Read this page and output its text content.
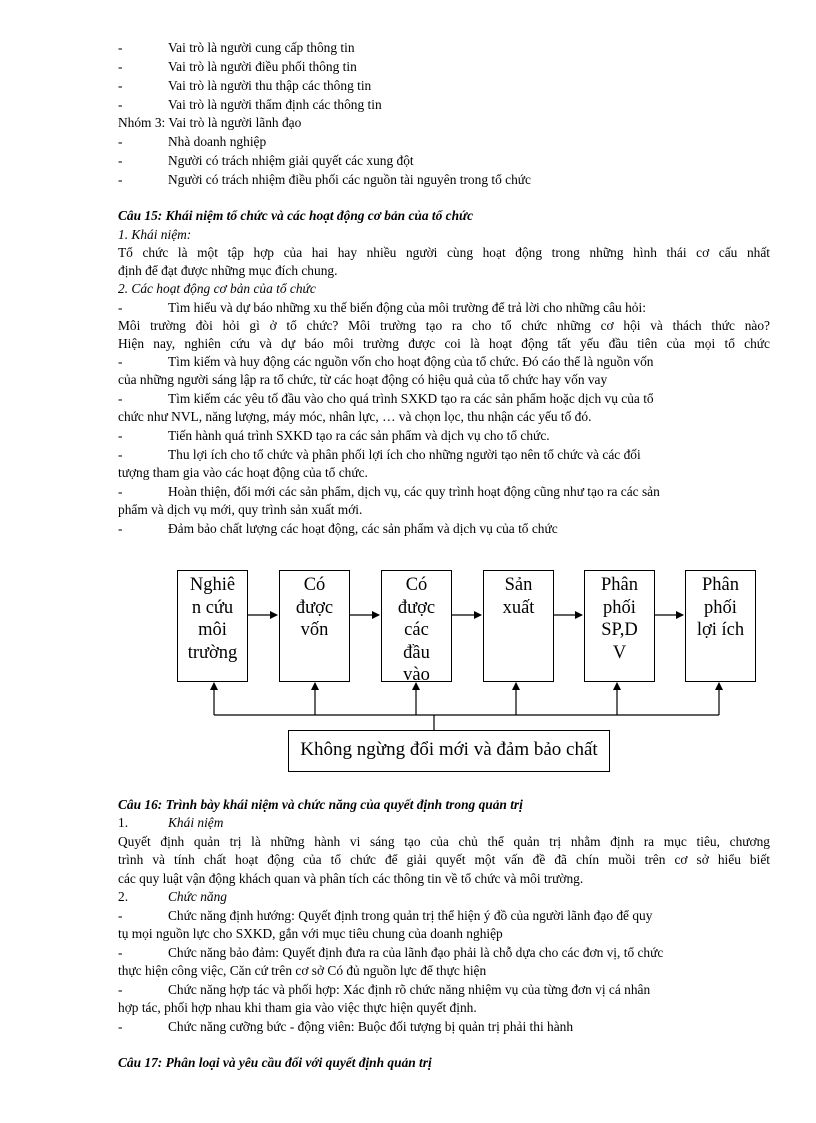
-	Vai trò là người cung cấp thông tin
-	Vai trò là người điều phối thông tin
-	Vai trò là người thu thập các thông tin
-	Vai trò là người thẩm định các thông tin
Nhóm 3: Vai trò là người lãnh đạo
-	Nhà doanh nghiệp
-	Người có trách nhiệm giải quyết các xung đột
-	Người có trách nhiệm điều phối các nguồn tài nguyên trong tổ chức
Câu 15: Khái niệm tổ chức và các hoạt động cơ bản của tổ chức
1. Khái niệm:
Tổ chức là một tập hợp của hai hay nhiều người cùng hoạt động trong những hình thái cơ cấu nhất
định để đạt được những mục đích chung.
2. Các hoạt động cơ bản của tổ chức
-	Tìm hiểu và dự báo những xu thế biến động của môi trường để trả lời cho những câu hỏi:
Môi trường đòi hỏi gì ở tổ chức? Môi trường tạo ra cho tổ chức những cơ hội và thách thức nào?
Hiện nay, nghiên cứu và dự báo môi trường được coi là hoạt động tất yếu đầu tiên của mọi tổ chức
-	Tìm kiếm và huy động các nguồn vốn cho hoạt động của tổ chức. Đó cáo thể là nguồn vốn
của những người sáng lập ra tổ chức, từ các hoạt động có hiệu quả của tổ chức hay vốn vay
-	Tìm kiếm các yêu tố đầu vào cho quá trình SXKD tạo ra các sản phẩm hoặc dịch vụ của tổ
chức như NVL, năng lượng, máy móc, nhân lực, … và chọn lọc, thu nhận các yếu tố đó.
-	Tiến hành quá trình SXKD tạo ra các sản phẩm và dịch vụ cho tổ chức.
-	Thu lợi ích cho tổ chức và phân phối lợi ích cho những người tạo nên tổ chức và các đối
tượng tham gia vào các hoạt động của tổ chức.
-	Hoàn thiện, đổi mới các sản phẩm, dịch vụ, các quy trình hoạt động cũng như tạo ra các sản
phẩm và dịch vụ mới, quy trình sản xuất mới.
-	Đảm bảo chất lượng các hoạt động, các sản phẩm và dịch vụ của tổ chức
Nghiê
n cứu
môi
trường
Có
được
vốn
Có
được
các
đầu
vào
Sản
xuất
Phân
phối
SP,D
V
Phân
phối
lợi ích
Không ngừng đổi mới và đảm bảo chất
Câu 16: Trình bày khái niệm và chức năng của quyết định trong quản trị
1.	Khái niệm
Quyết định quản trị là những hành vi sáng tạo của chủ thể quản trị nhằm định ra mục tiêu, chương
trình và tính chất hoạt động của tổ chức để giải quyết một vấn đề đã chín muồi trên cơ sở hiểu biết
các quy luật vận động khách quan và phân tích các thông tin về tổ chức và môi trường.
2.	Chức năng
-	Chức năng định hướng: Quyết định trong quản trị thể hiện ý đồ của người lãnh đạo để quy
tụ mọi nguồn lực cho SXKD, gắn với mục tiêu chung của doanh nghiệp
-	Chức năng bảo đảm: Quyết định đưa ra của lãnh đạo phải là chỗ dựa cho các đơn vị, tổ chức
thực hiện công việc, Căn cứ trên cơ sở Có đủ nguồn lực để thực hiện
-	Chức năng hợp tác và phối hợp: Xác định rõ chức năng nhiệm vụ của từng đơn vị cá nhân
hợp tác, phối hợp nhau khi tham gia vào việc thực hiện quyết định.
-	Chức năng cưỡng bức - động viên: Buộc đối tượng bị quản trị phải thi hành
Câu 17: Phân loại và yêu cầu đối với quyết định quản trị
